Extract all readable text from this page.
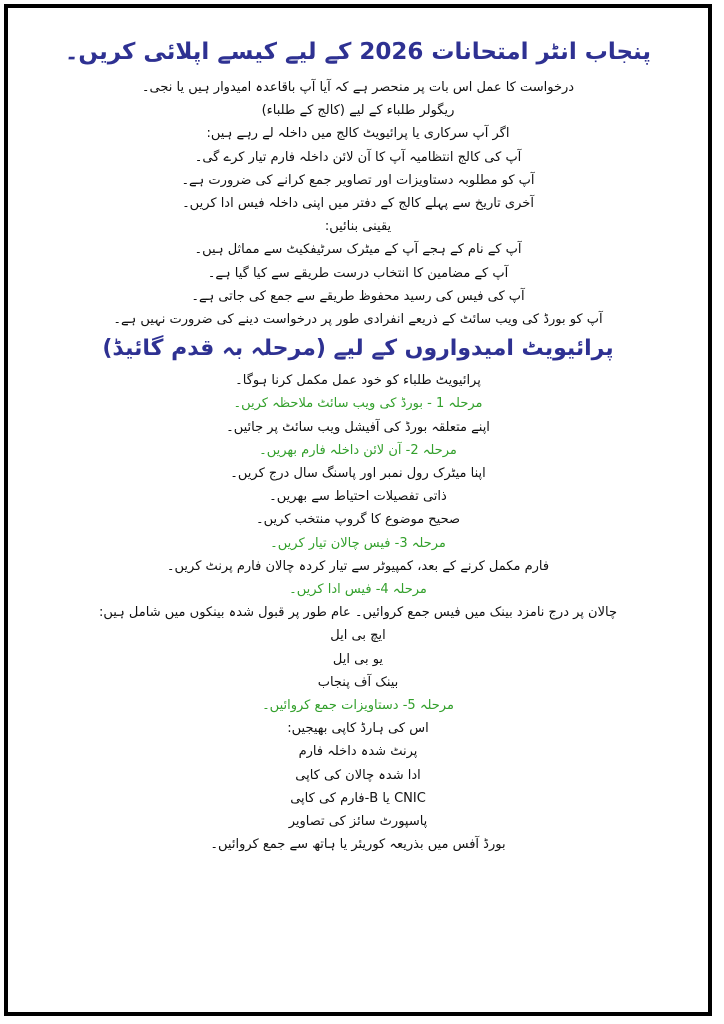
پنجاب انٹر امتحانات 2026 کے لیے کیسے اپلائی کریں۔
درخواست کا عمل اس بات پر منحصر ہے کہ آیا آپ باقاعدہ امیدوار ہیں یا نجی۔
ریگولر طلباء کے لیے (کالج کے طلباء)
اگر آپ سرکاری یا پرائیویٹ کالج میں داخلہ لے رہے ہیں:
آپ کی کالج انتظامیہ آپ کا آن لائن داخلہ فارم تیار کرے گی۔
آپ کو مطلوبہ دستاویزات اور تصاویر جمع کرانے کی ضرورت ہے۔
آخری تاریخ سے پہلے کالج کے دفتر میں اپنی داخلہ فیس ادا کریں۔
یقینی بنائیں:
آپ کے نام کے ہجے آپ کے میٹرک سرٹیفکیٹ سے مماثل ہیں۔
آپ کے مضامین کا انتخاب درست طریقے سے کیا گیا ہے۔
آپ کی فیس کی رسید محفوظ طریقے سے جمع کی جاتی ہے۔
آپ کو بورڈ کی ویب سائٹ کے ذریعے انفرادی طور پر درخواست دینے کی ضرورت نہیں ہے۔
پرائیویٹ امیدواروں کے لیے (مرحلہ بہ قدم گائیڈ)
پرائیویٹ طلباء کو خود عمل مکمل کرنا ہوگا۔
مرحلہ 1 - بورڈ کی ویب سائٹ ملاحظہ کریں۔
اپنے متعلقہ بورڈ کی آفیشل ویب سائٹ پر جائیں۔
مرحلہ 2- آن لائن داخلہ فارم بھریں۔
اپنا میٹرک رول نمبر اور پاسنگ سال درج کریں۔
ذاتی تفصیلات احتیاط سے بھریں۔
صحیح موضوع کا گروپ منتخب کریں۔
مرحلہ 3- فیس چالان تیار کریں۔
فارم مکمل کرنے کے بعد، کمپیوٹر سے تیار کردہ چالان فارم پرنٹ کریں۔
مرحلہ 4- فیس ادا کریں۔
چالان پر درج نامزد بینک میں فیس جمع کروائیں۔ عام طور پر قبول شدہ بینکوں میں شامل ہیں:
ایچ بی ایل
یو بی ایل
بینک آف پنجاب
مرحلہ 5- دستاویزات جمع کروائیں۔
اس کی ہارڈ کاپی بھیجیں:
پرنٹ شدہ داخلہ فارم
ادا شدہ چالان کی کاپی
CNIC یا B-فارم کی کاپی
پاسپورٹ سائز کی تصاویر
بورڈ آفس میں بذریعہ کوریئر یا ہاتھ سے جمع کروائیں۔
